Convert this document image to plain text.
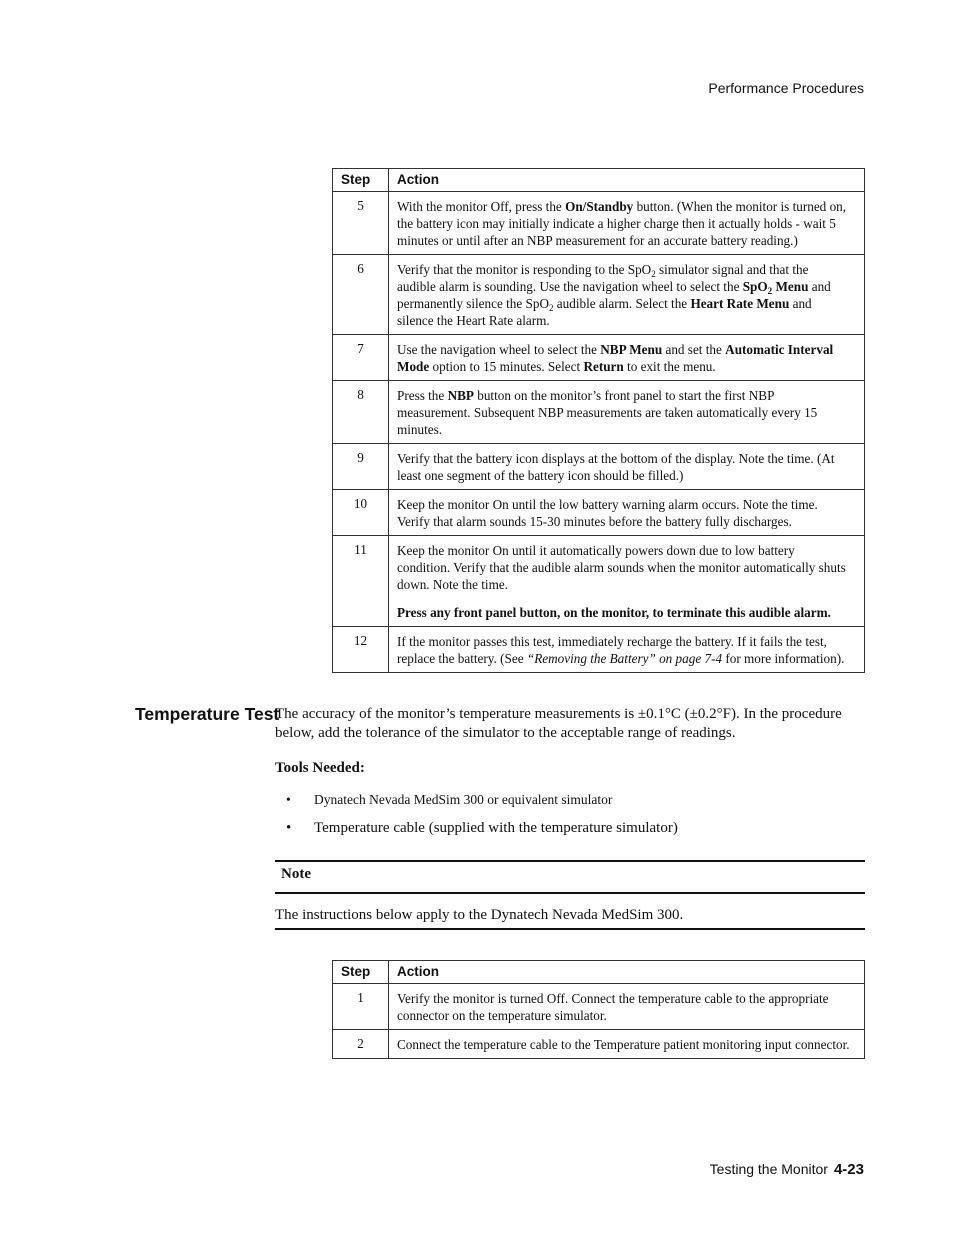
Performance Procedures
Step	Action
5	With the monitor Off, press the On/Standby button. (When the monitor is turned on, the battery icon may initially indicate a higher charge then it actually holds - wait 5 minutes or until after an NBP measurement for an accurate battery reading.)

6	Verify that the monitor is responding to the SpO$_2$ simulator signal and that the audible alarm is sounding. Use the navigation wheel to select the SpO$_2$ Menu and permanently silence the SpO$_2$ audible alarm. Select the Heart Rate Menu and silence the Heart Rate alarm.

7	Use the navigation wheel to select the NBP Menu and set the Automatic Interval Mode option to 15 minutes. Select Return to exit the menu.

8	Press the NBP button on the monitor’s front panel to start the first NBP measurement. Subsequent NBP measurements are taken automatically every 15 minutes.

9	Verify that the battery icon displays at the bottom of the display. Note the time. (At least one segment of the battery icon should be filled.)

10	Keep the monitor On until the low battery warning alarm occurs. Note the time. Verify that alarm sounds 15-30 minutes before the battery fully discharges.

11	Keep the monitor On until it automatically powers down due to low battery condition. Verify that the audible alarm sounds when the monitor automatically shuts down. Note the time.

Press any front panel button, on the monitor, to terminate this audible alarm.

12	If the monitor passes this test, immediately recharge the battery. If it fails the test, replace the battery. (See “Removing the Battery” on page 7-4 for more information).

Temperature Test

The accuracy of the monitor’s temperature measurements is ±0.1°C (±0.2°F). In the procedure below, add the tolerance of the simulator to the acceptable range of readings.

Tools Needed:
• Dynatech Nevada MedSim 300 or equivalent simulator
• Temperature cable (supplied with the temperature simulator)
Note
The instructions below apply to the Dynatech Nevada MedSim 300.
Step	Action
1	Verify the monitor is turned Off. Connect the temperature cable to the appropriate connector on the temperature simulator.

2	Connect the temperature cable to the Temperature patient monitoring input connector.

Testing the Monitor 4-23
